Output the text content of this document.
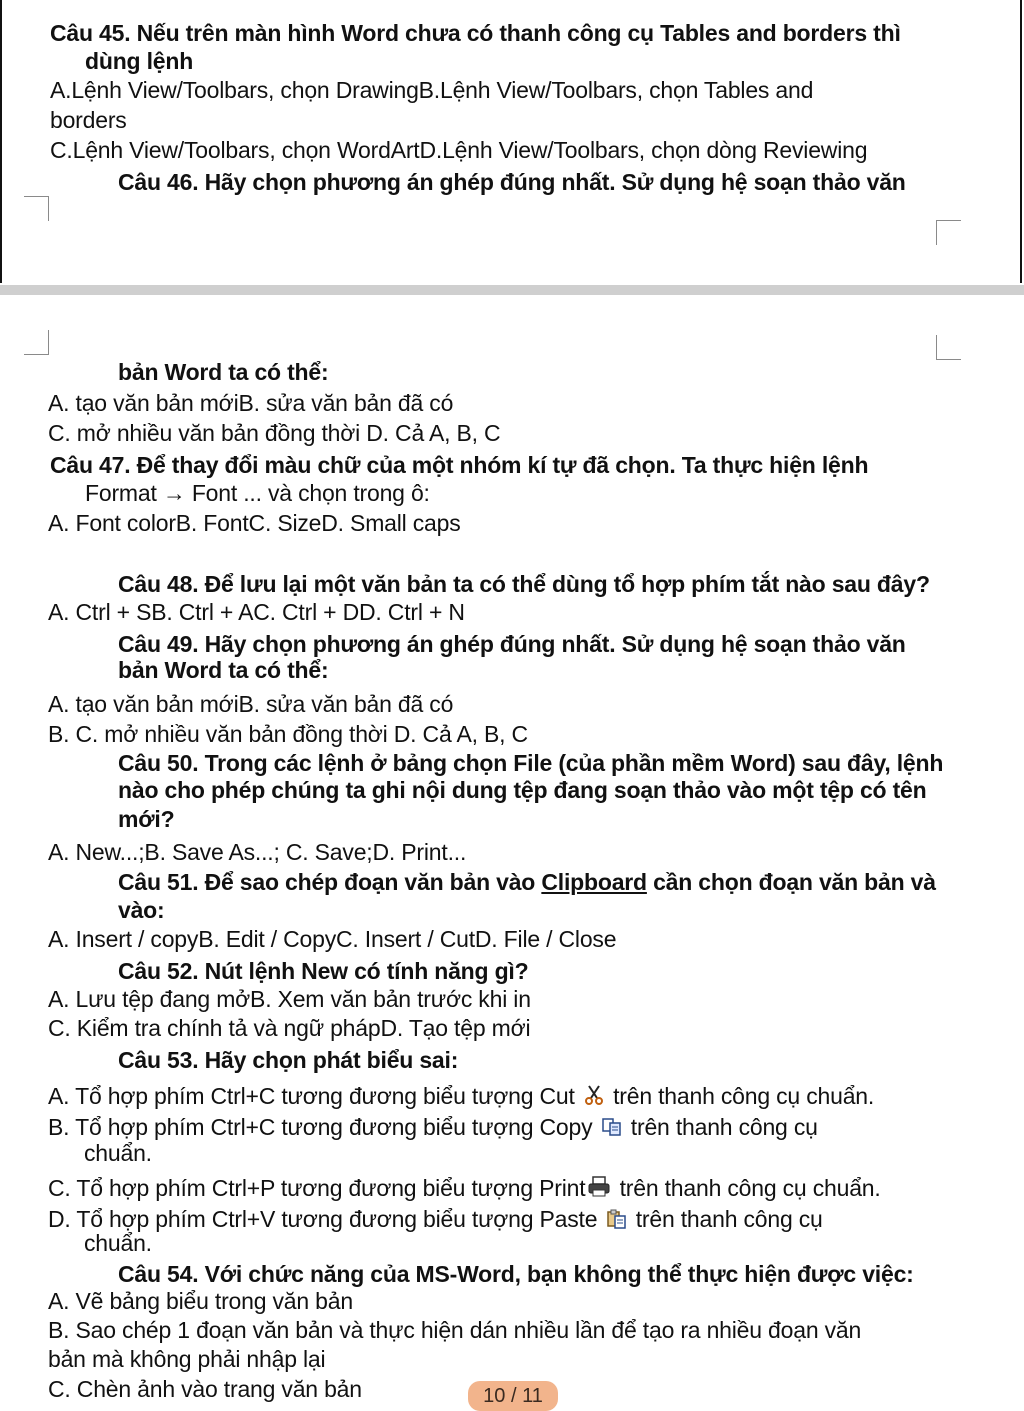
Câu 45. Nếu trên màn hình Word chưa có thanh công cụ Tables and borders thì
dùng lệnh
A.Lệnh View/Toolbars, chọn DrawingB.Lệnh View/Toolbars, chọn Tables and
borders
C.Lệnh View/Toolbars, chọn WordArtD.Lệnh View/Toolbars, chọn dòng Reviewing
Câu 46. Hãy chọn phương án ghép đúng nhất. Sử dụng hệ soạn thảo văn
bản Word ta có thể:
A. tạo văn bản mớiB. sửa văn bản đã có
C. mở nhiều văn bản đồng thời D. Cả A, B, C
Câu 47. Để thay đổi màu chữ của một nhóm kí tự đã chọn. Ta thực hiện lệnh
Format → Font ... và chọn trong ô:
A. Font colorB. FontC. SizeD. Small caps
Câu 48. Để lưu lại một văn bản ta có thể dùng tổ hợp phím tắt nào sau đây?
A. Ctrl + SB. Ctrl + AC. Ctrl + DD. Ctrl + N
Câu 49. Hãy chọn phương án ghép đúng nhất. Sử dụng hệ soạn thảo văn
bản Word ta có thể:
A. tạo văn bản mớiB. sửa văn bản đã có
B. C. mở nhiều văn bản đồng thời D. Cả A, B, C
Câu 50. Trong các lệnh ở bảng chọn File (của phần mềm Word) sau đây, lệnh
nào cho phép chúng ta ghi nội dung tệp đang soạn thảo vào một tệp có tên
mới?
A. New...;B. Save As...; C. Save;D. Print...
Câu 51. Để sao chép đoạn văn bản vào Clipboard cần chọn đoạn văn bản và
vào:
A. Insert / copyB. Edit / CopyC. Insert / CutD. File / Close
Câu 52. Nút lệnh New có tính năng gì?
A. Lưu tệp đang mởB. Xem văn bản trước khi in
C. Kiểm tra chính tả và ngữ phápD. Tạo tệp mới
Câu 53. Hãy chọn phát biểu sai:
A. Tổ hợp phím Ctrl+C tương đương biểu tượng Cut  trên thanh công cụ chuẩn.
B. Tổ hợp phím Ctrl+C tương đương biểu tượng Copy  trên thanh công cụ
chuẩn.
C. Tổ hợp phím Ctrl+P tương đương biểu tượng Print trên thanh công cụ chuẩn.
D. Tổ hợp phím Ctrl+V tương đương biểu tượng Paste  trên thanh công cụ
chuẩn.
Câu 54. Với chức năng của MS-Word, bạn không thể thực hiện được việc:
A. Vẽ bảng biểu trong văn bản
B. Sao chép 1 đoạn văn bản và thực hiện dán nhiều lần để tạo ra nhiều đoạn văn
bản mà không phải nhập lại
C. Chèn ảnh vào trang văn bản	10 / 11
